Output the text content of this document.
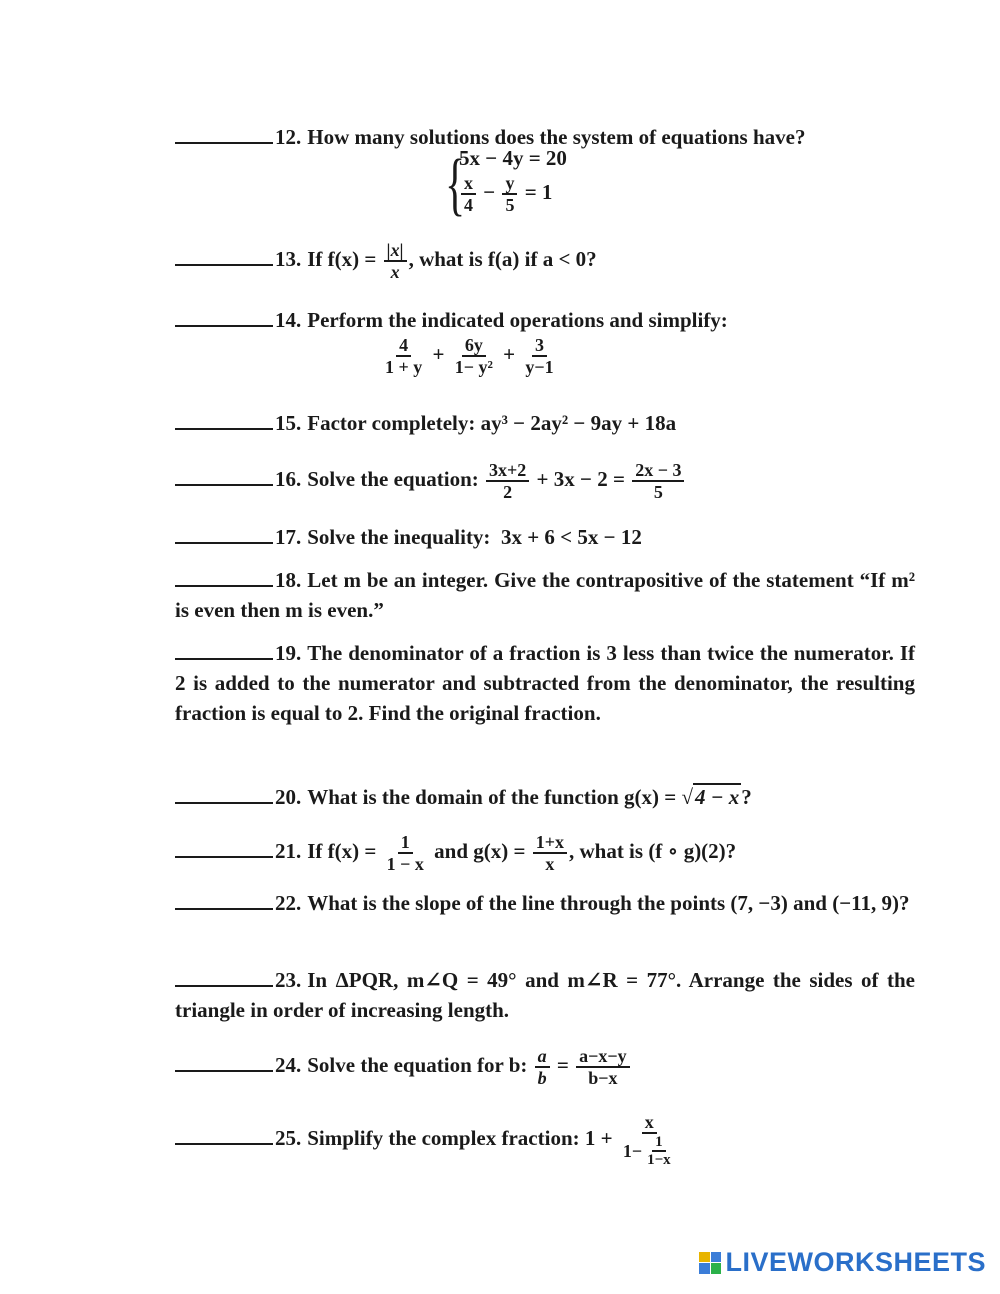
12. How many solutions does the system of equations have?
{
5x − 4y = 20
$\frac{x}{4} - \frac{y}{5} = 1$
13. If $f(x) = \frac{|x|}{x}$ , what is f(a) if a < 0?
14. Perform the indicated operations and simplify:
$\frac{4}{1 + y} + \frac{6y}{\text{1− y²}} + \frac{3}{y-1}$
15. Factor completely: ay³ − 2ay² − 9ay + 18a
16. Solve the equation: $\frac{3x+2}{2} + 3x - 2 = \frac{2x - 3}{5}$
17. Solve the inequality: 3x + 6 < 5x − 12
18. Let m be an integer. Give the contrapositive of the statement “If m² is even then m is even.”
19. The denominator of a fraction is 3 less than twice the numerator. If 2 is added to the numerator and subtracted from the denominator, the resulting fraction is equal to 2. Find the original fraction.
20. What is the domain of the function g(x) = √4 − x?
21. If $f(x) = \frac{1}{1 - x}$ and $g(x) = \frac{1+x}{x}$ , what is (f ∘ g)(2)?
22. What is the slope of the line through the points (7, −3) and (−11, 9)?
23. In ΔPQR, m∠Q = 49° and m∠R = 77°. Arrange the sides of the triangle in order of increasing length.
24. Solve the equation for b: $\frac{a}{b} = \frac{a-x-y}{b-x}$
25. Simplify the complex fraction: $1 + \frac{x}{1- \frac{1}{1-x}}$
LIVEWORKSHEETS
